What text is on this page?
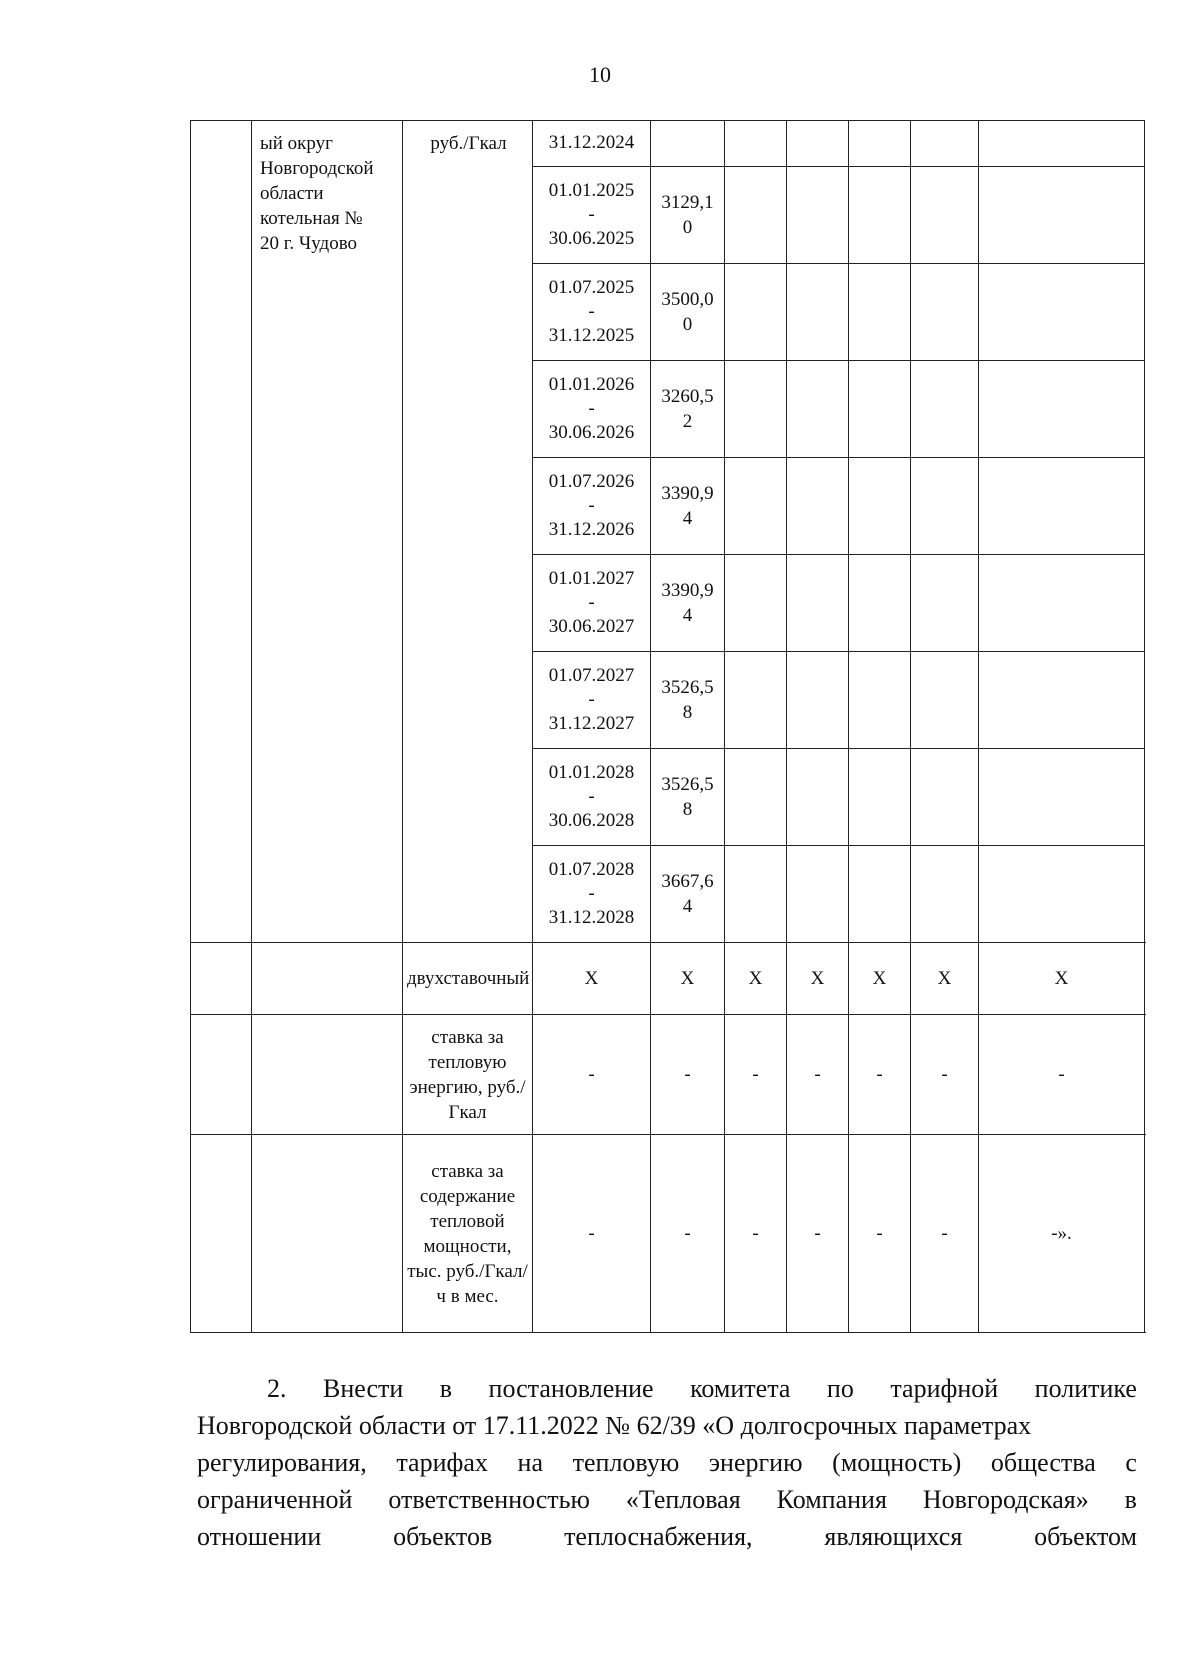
10

	ый округ
Новгородской
области
котельная №
20 г. Чудово	руб./Гкал	31.12.2024						

			01.01.2025
-
30.06.2025	3129,10					

			01.07.2025
-
31.12.2025	3500,00					

			01.01.2026
-
30.06.2026	3260,52					

			01.07.2026
-
31.12.2026	3390,94					

			01.01.2027
-
30.06.2027	3390,94					

			01.07.2027
-
31.12.2027	3526,58					

			01.01.2028
-
30.06.2028	3526,58					

			01.07.2028
-
31.12.2028	3667,64					
		двухставочный	Х	Х	Х	Х	Х	Х	Х
		ставка за тепловую энергию, руб./Гкал	-	-	-	-	-	-	-
		ставка за содержание тепловой мощности, тыс. руб./Гкал/ч в мес.	-	-	-	-	-	-	-».
2. Внести в постановление комитета по тарифной политике
Новгородской области от 17.11.2022 № 62/39 «О долгосрочных параметрах
регулирования, тарифах на тепловую энергию (мощность) общества с
ограниченной ответственностью «Тепловая Компания Новгородская» в
отношении	объектов	теплоснабжения,	являющихся	объектом
